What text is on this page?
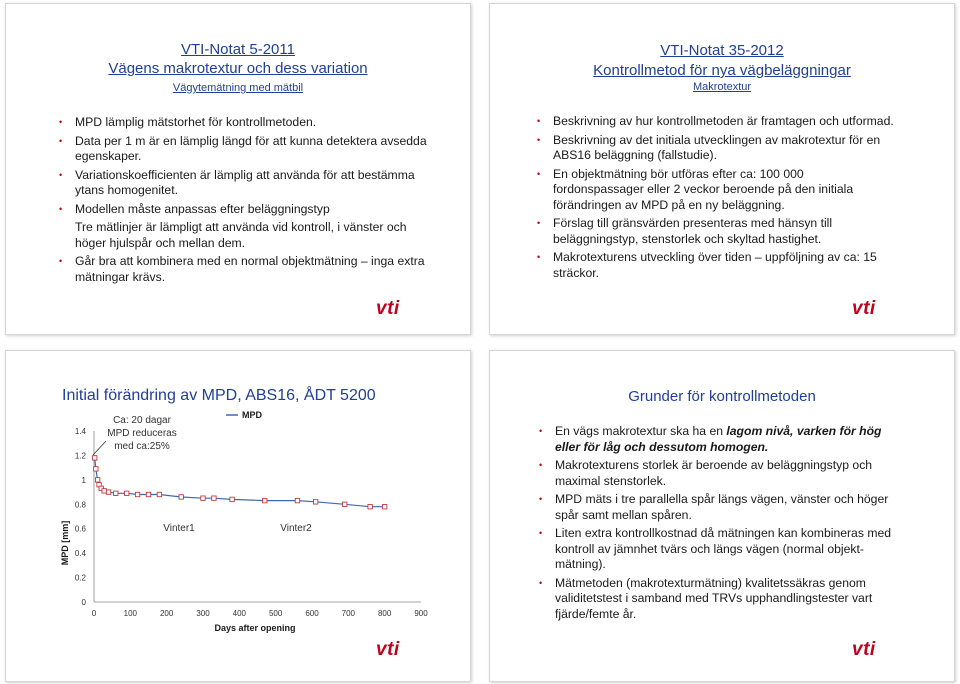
VTI-Notat 5-2011
Vägens makrotextur och dess variation
Vägytemätning med mätbil
• MPD lämplig mätstorhet för kontrollmetoden.
• Data per 1 m är en lämplig längd för att kunna detektera avsedda egenskaper.
• Variationskoefficienten är lämplig att använda för att bestämma ytans homogenitet.
• Modellen måste anpassas efter beläggningstyp
Tre mätlinjer är lämpligt att använda vid kontroll, i vänster och höger hjulspår och mellan dem.
• Går bra att kombinera med en normal objektmätning – inga extra mätningar krävs.
vti
VTI-Notat 35-2012
Kontrollmetod för nya vägbeläggningar
Makrotextur
• Beskrivning av hur kontrollmetoden är framtagen och utformad.
• Beskrivning av det initiala utvecklingen av makrotextur för en ABS16 beläggning (fallstudie).
• En objektmätning bör utföras efter ca: 100 000 fordonspassager eller 2 veckor beroende på den initiala förändringen av MPD på en ny beläggning.
• Förslag till gränsvärden presenteras med hänsyn till beläggningstyp, stenstorlek och skyltad hastighet.
• Makrotexturens utveckling över tiden – uppföljning av ca: 15 sträckor.
vti
Initial förändring av MPD, ABS16, ÅDT 5200
MPD [mm]
Days after opening
MPD
Ca: 20 dagar
MPD reduceras
med ca:25%
Vinter1	Vinter2
0
0.2
0.4
0.6
0.8
1
1.2
1.4
0	100	200	300	400	500	600	700	800	900
vti
Grunder för kontrollmetoden
• En vägs makrotextur ska ha en lagom nivå, varken för hög eller för låg och dessutom homogen.
• Makrotexturens storlek är beroende av beläggningstyp och maximal stenstorlek.
• MPD mäts i tre parallella spår längs vägen, vänster och höger spår samt mellan spåren.
• Liten extra kontrollkostnad då mätningen kan kombineras med kontroll av jämnhet tvärs och längs vägen (normal objekt-mätning).
• Mätmetoden (makrotexturmätning) kvalitetssäkras genom validitetstest i samband med TRVs upphandlingstester vart fjärde/femte år.
vti
